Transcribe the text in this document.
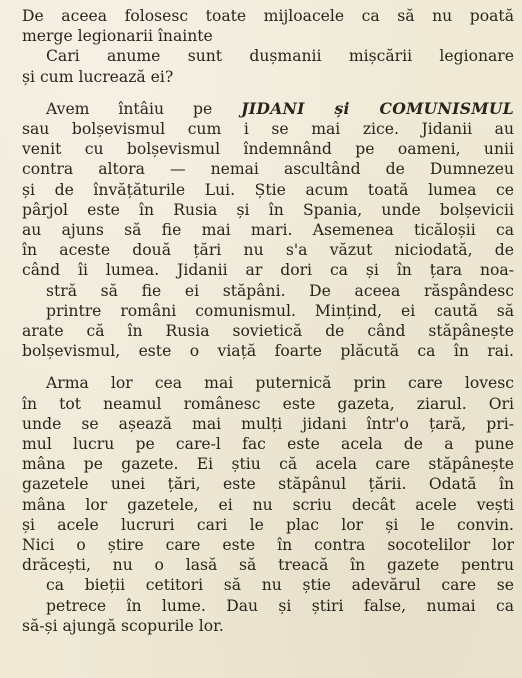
De aceea folosesc toate mijloacele ca să nu poată
merge legionarii înainte
Cari anume sunt dușmanii mișcării legionare
și cum lucrează ei?
Avem întâiu pe JIDANI și COMUNISMUL
sau bolșevismul cum i se mai zice. Jidanii au
venit cu bolșevismul îndemnând pe oameni, unii
contra altora — nemai ascultând de Dumnezeu
și de învățăturile Lui. Știe acum toată lumea ce
pârjol este în Rusia și în Spania, unde bolșevicii
au ajuns să fie mai mari. Asemenea ticăloșii ca
în aceste două țări nu s'a văzut niciodată, de
când îi lumea. Jidanii ar dori ca și în țara noa-
stră să fie ei stăpâni. De aceea răspândesc
printre români comunismul. Mințind, ei caută să
arate că în Rusia sovietică de când stăpânește
bolșevismul, este o viață foarte plăcută ca în rai.
Arma lor cea mai puternică prin care lovesc
în tot neamul românesc este gazeta, ziarul. Ori
unde se așează mai mulți jidani într'o țară, pri-
mul lucru pe care-l fac este acela de a pune
mâna pe gazete. Ei știu că acela care stăpânește
gazetele unei țări, este stăpânul țării. Odată în
mâna lor gazetele, ei nu scriu decât acele vești
și acele lucruri cari le plac lor și le convin.
Nici o știre care este în contra socotelilor lor
drăcești, nu o lasă să treacă în gazete pentru
ca bieții cetitori să nu știe adevărul care se
petrece în lume. Dau și știri false, numai ca
să-și ajungă scopurile lor.
